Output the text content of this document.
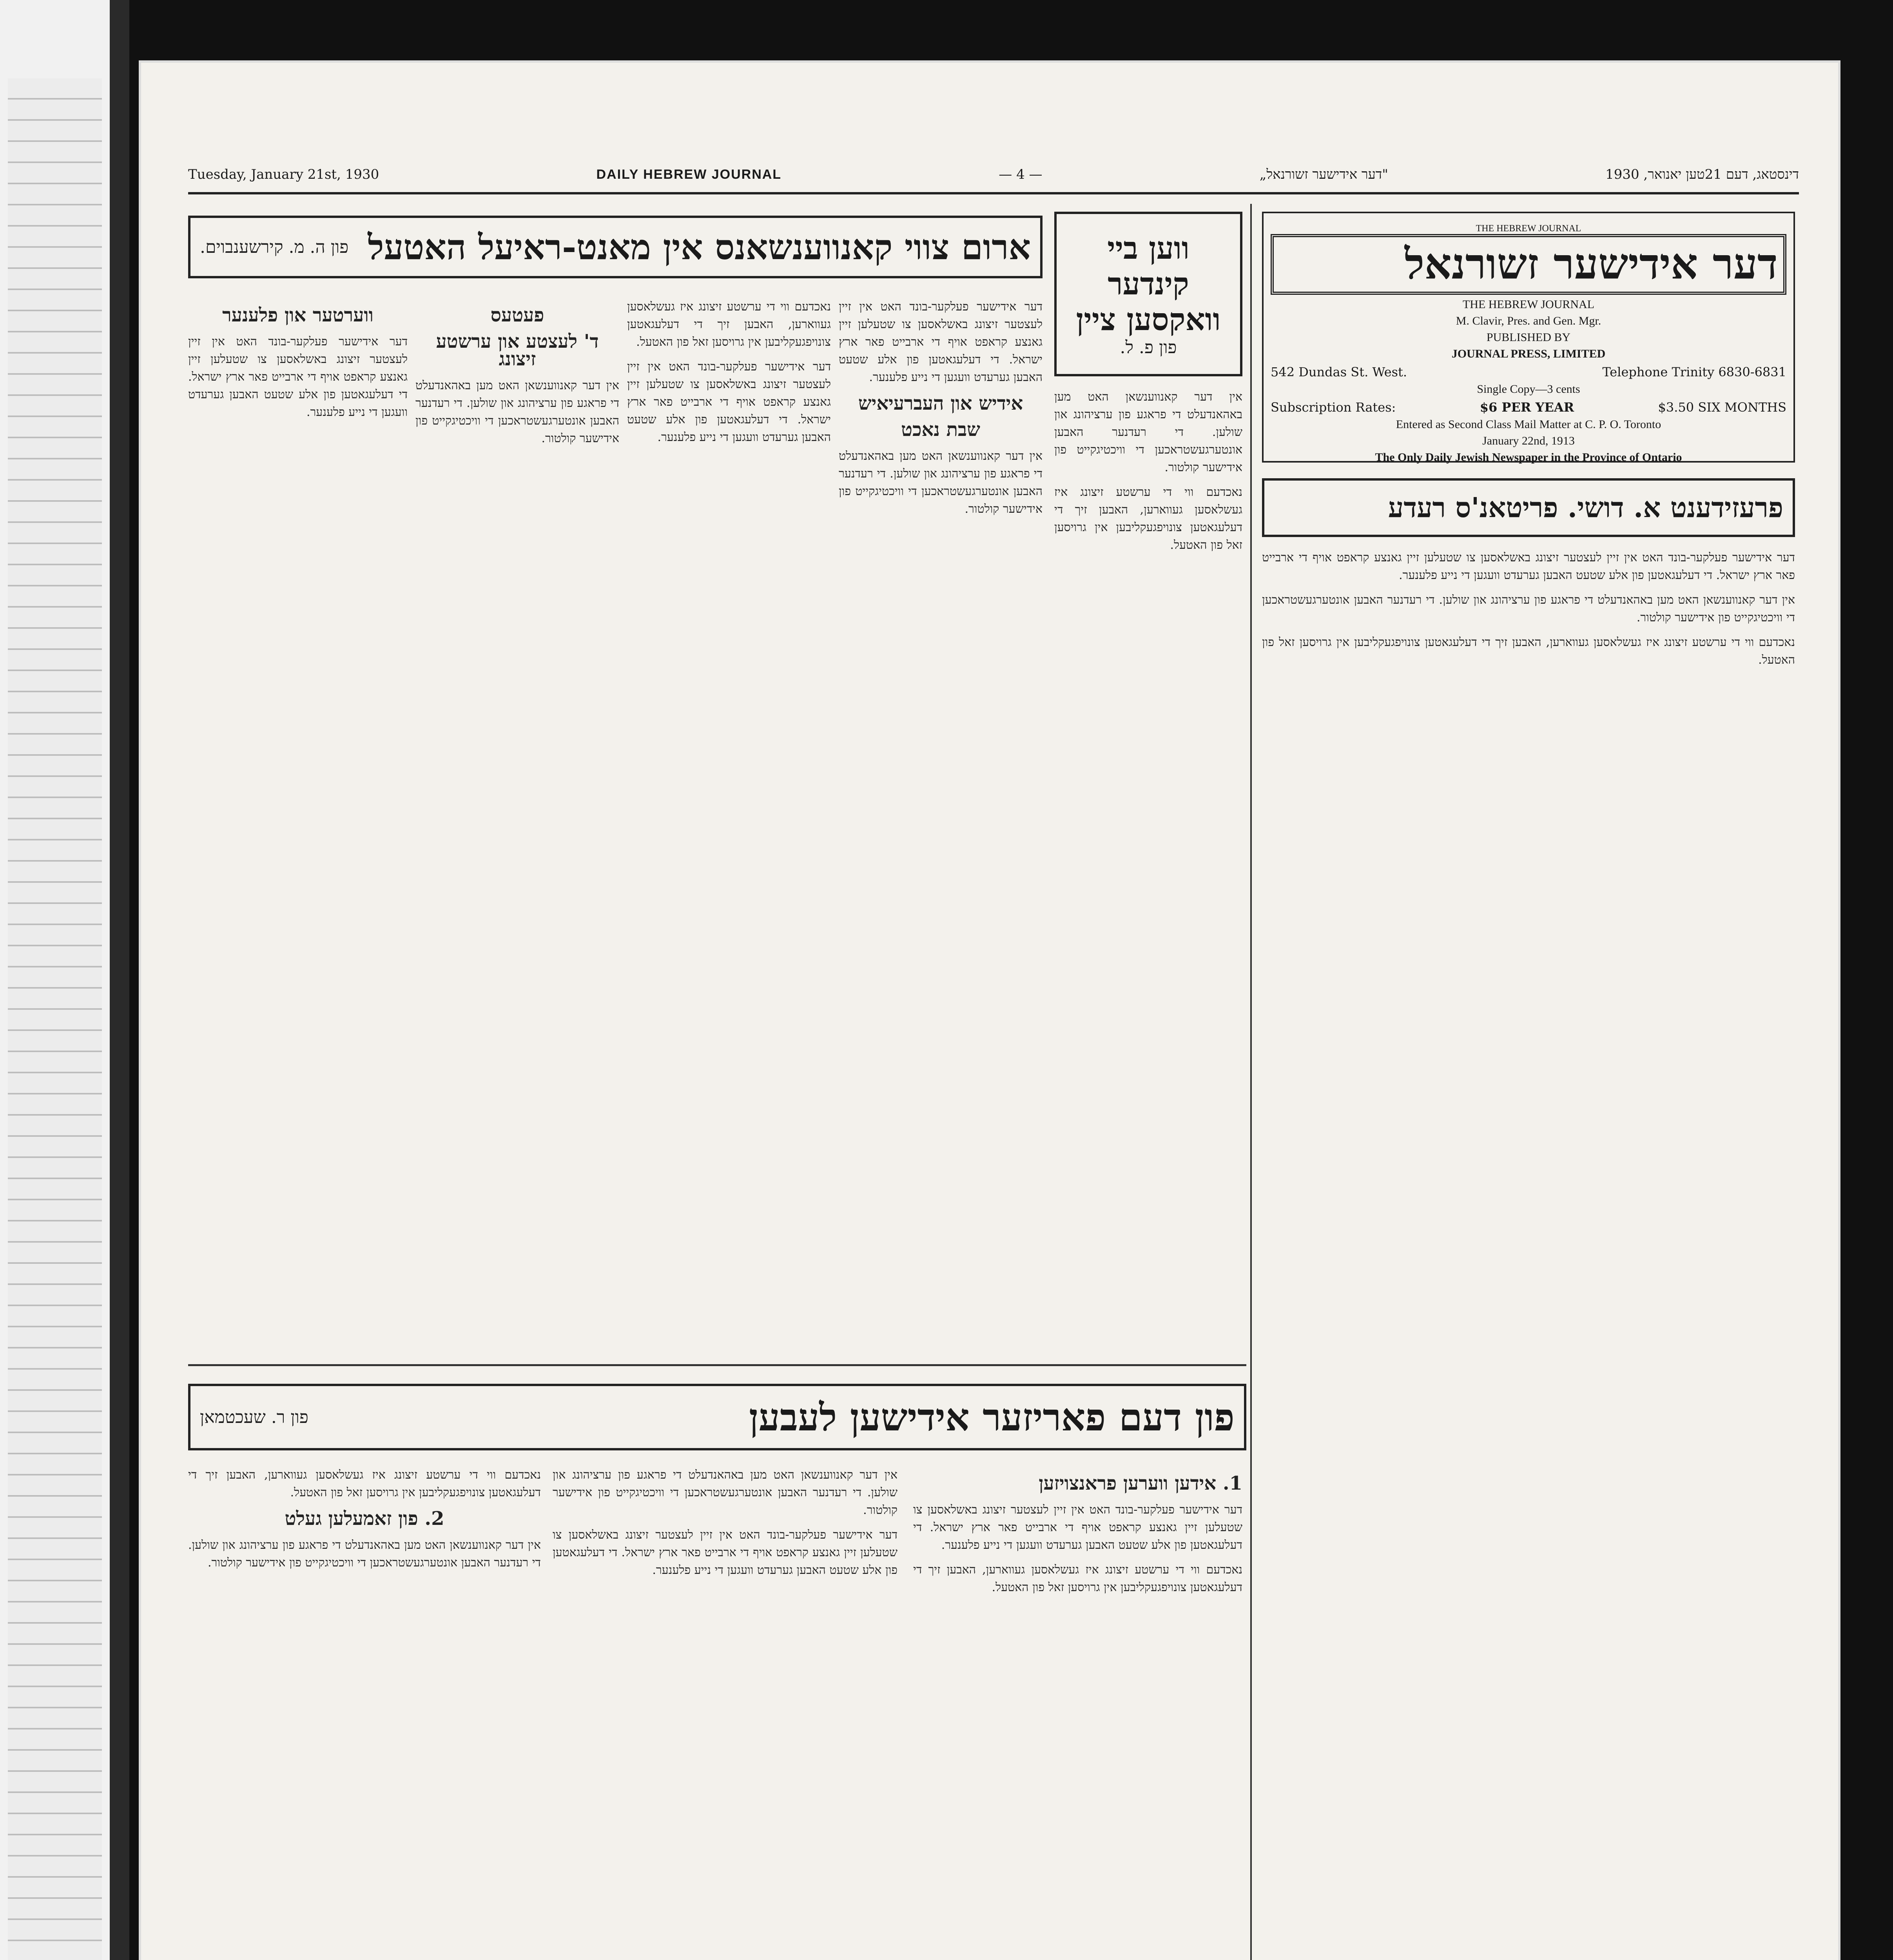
Tuesday, January 21st, 1930	DAILY HEBREW JOURNAL	— 4 —	„דער אידישער זשורנאל"	דינסטאג, דעם 21טען יאנואר, 1930
THE HEBREW JOURNAL
דער אידישער זשורנאל
THE HEBREW JOURNAL
M. Clavir, Pres. and Gen. Mgr.
PUBLISHED BY
JOURNAL PRESS, LIMITED
542 Dundas St. West.	Telephone Trinity 6830-6831
Single Copy—3 cents
Subscription Rates:	$6 PER YEAR	$3.50 SIX MONTHS
Entered as Second Class Mail Matter at C. P. O. Toronto
January 22nd, 1913
The Only Daily Jewish Newspaper in the Province of Ontario
פרעזידענט א. דושי. פריטאנ'ס רעדע

דער אידישער פעלקער-בונד האט אין זיין לעצטער זיצונג באשלאסען צו שטעלען זיין גאנצע קראפט אויף די ארבייט פאר ארץ ישראל. די דעלעגאטען פון אלע שטעט האבען גערעדט וועגען די נייע פלענער.

אין דער קאנווענשאן האט מען באהאנדעלט די פראגע פון ערציהונג און שולען. די רעדנער האבען אונטערגעשטראכען די וויכטיגקייט פון אידישער קולטור.

נאכדעם ווי די ערשטע זיצונג איז געשלאסען געווארען, האבען זיך די דעלעגאטען צונויפגעקליבען אין גרויסען זאל פון האטעל.

ווען ביי קינדער וואקסען ציין
פון פ. ל.

אין דער קאנווענשאן האט מען באהאנדעלט די פראגע פון ערציהונג און שולען. די רעדנער האבען אונטערגעשטראכען די וויכטיגקייט פון אידישער קולטור.

נאכדעם ווי די ערשטע זיצונג איז געשלאסען געווארען, האבען זיך די דעלעגאטען צונויפגעקליבען אין גרויסען זאל פון האטעל.

ארום צווי קאנווענשאנס אין מאנט-ראיעל האטעל
פון ה. מ. קירשענבוים.

דער אידישער פעלקער-בונד האט אין זיין לעצטער זיצונג באשלאסען צו שטעלען זיין גאנצע קראפט אויף די ארבייט פאר ארץ ישראל. די דעלעגאטען פון אלע שטעט האבען גערעדט וועגען די נייע פלענער.

אידיש און העברעיאיש
שבת נאכט

אין דער קאנווענשאן האט מען באהאנדעלט די פראגע פון ערציהונג און שולען. די רעדנער האבען אונטערגעשטראכען די וויכטיגקייט פון אידישער קולטור.

נאכדעם ווי די ערשטע זיצונג איז געשלאסען געווארען, האבען זיך די דעלעגאטען צונויפגעקליבען אין גרויסען זאל פון האטעל.

דער אידישער פעלקער-בונד האט אין זיין לעצטער זיצונג באשלאסען צו שטעלען זיין גאנצע קראפט אויף די ארבייט פאר ארץ ישראל. די דעלעגאטען פון אלע שטעט האבען גערעדט וועגען די נייע פלענער.

פעטעס
ד' לעצטע און ערשטע זיצונג

אין דער קאנווענשאן האט מען באהאנדעלט די פראגע פון ערציהונג און שולען. די רעדנער האבען אונטערגעשטראכען די וויכטיגקייט פון אידישער קולטור.

ווערטער און פלענער

דער אידישער פעלקער-בונד האט אין זיין לעצטער זיצונג באשלאסען צו שטעלען זיין גאנצע קראפט אויף די ארבייט פאר ארץ ישראל. די דעלעגאטען פון אלע שטעט האבען גערעדט וועגען די נייע פלענער.

פון דעם פאריזער אידישען לעבען
פון ר. שעכטמאן
1. אידען ווערען פראנצויזען

דער אידישער פעלקער-בונד האט אין זיין לעצטער זיצונג באשלאסען צו שטעלען זיין גאנצע קראפט אויף די ארבייט פאר ארץ ישראל. די דעלעגאטען פון אלע שטעט האבען גערעדט וועגען די נייע פלענער.

נאכדעם ווי די ערשטע זיצונג איז געשלאסען געווארען, האבען זיך די דעלעגאטען צונויפגעקליבען אין גרויסען זאל פון האטעל.

אין דער קאנווענשאן האט מען באהאנדעלט די פראגע פון ערציהונג און שולען. די רעדנער האבען אונטערגעשטראכען די וויכטיגקייט פון אידישער קולטור.

דער אידישער פעלקער-בונד האט אין זיין לעצטער זיצונג באשלאסען צו שטעלען זיין גאנצע קראפט אויף די ארבייט פאר ארץ ישראל. די דעלעגאטען פון אלע שטעט האבען גערעדט וועגען די נייע פלענער.

נאכדעם ווי די ערשטע זיצונג איז געשלאסען געווארען, האבען זיך די דעלעגאטען צונויפגעקליבען אין גרויסען זאל פון האטעל.

2. פון זאמעלען געלט

אין דער קאנווענשאן האט מען באהאנדעלט די פראגע פון ערציהונג און שולען. די רעדנער האבען אונטערגעשטראכען די וויכטיגקייט פון אידישער קולטור.
